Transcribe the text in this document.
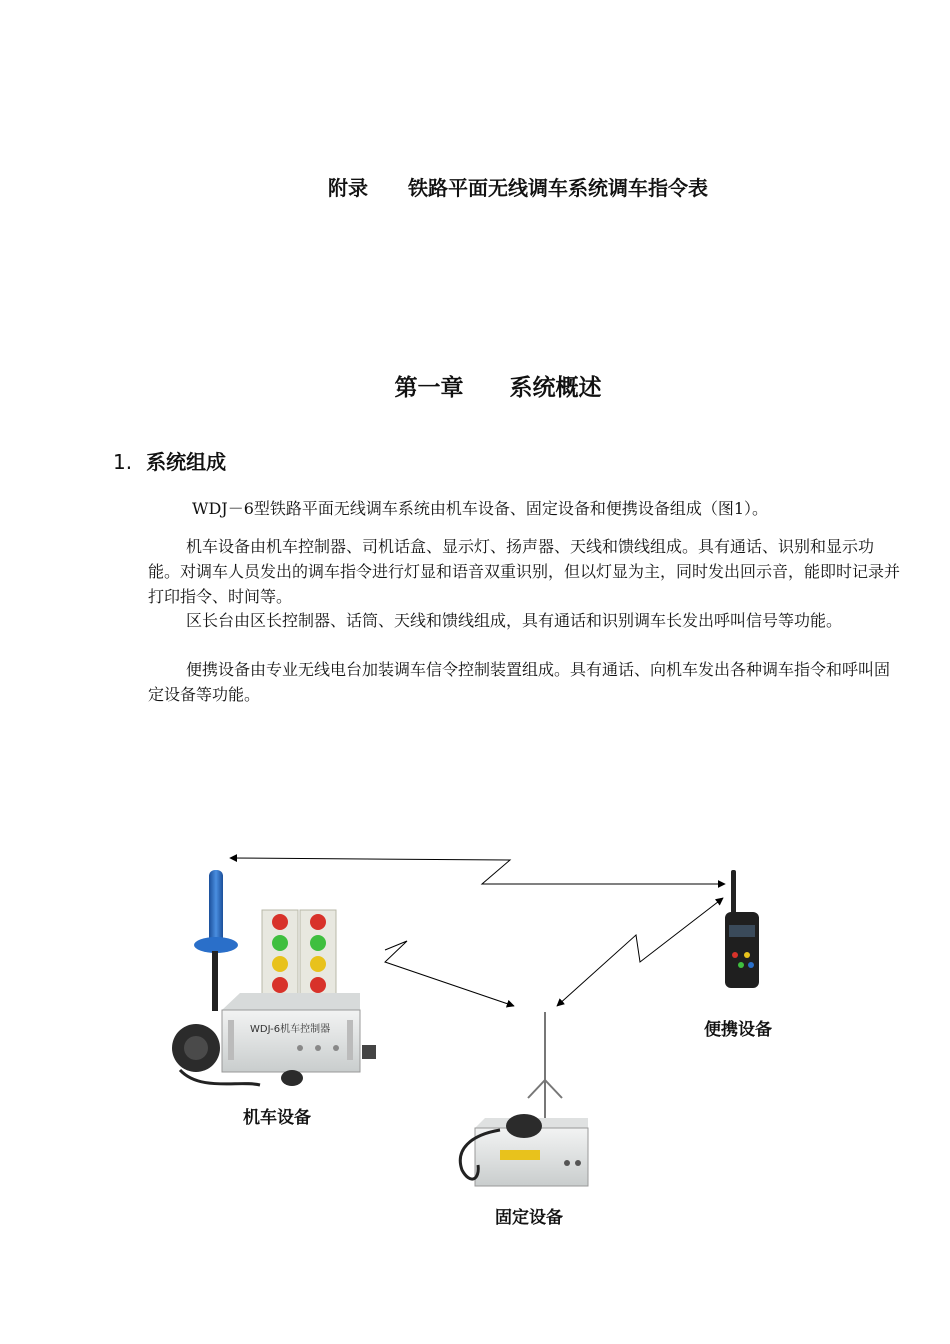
附录　　铁路平面无线调车系统调车指令表
第一章　　系统概述
1. 系统组成
WDJ－6型铁路平面无线调车系统由机车设备、固定设备和便携设备组成（图1）。
机车设备由机车控制器、司机话盒、显示灯、扬声器、天线和馈线组成。具有通话、识别和显示功能。对调车人员发出的调车指令进行灯显和语音双重识别，但以灯显为主，同时发出回示音，能即时记录并打印指令、时间等。
区长台由区长控制器、话筒、天线和馈线组成，具有通话和识别调车长发出呼叫信号等功能。
便携设备由专业无线电台加装调车信令控制装置组成。具有通话、向机车发出各种调车指令和呼叫固定设备等功能。
WDJ-6机车控制器
机车设备
便携设备
固定设备
